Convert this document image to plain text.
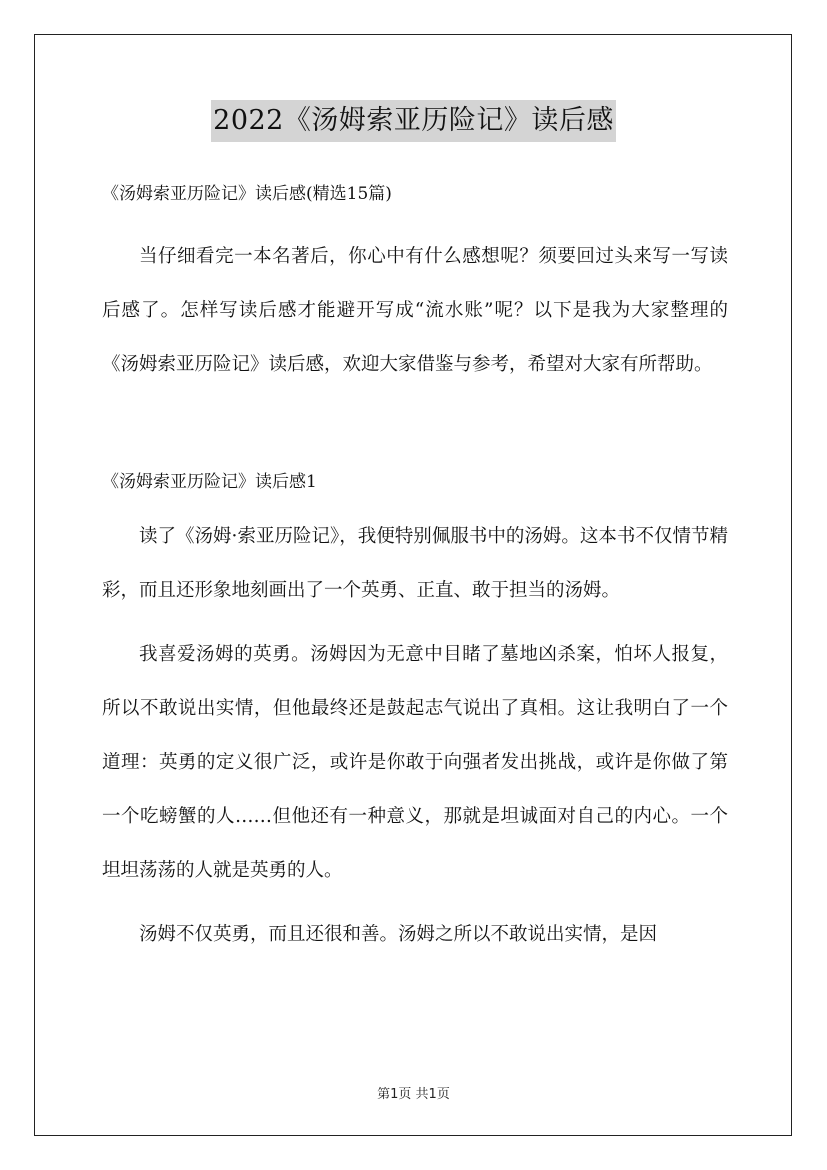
2022《汤姆索亚历险记》读后感

《汤姆索亚历险记》读后感(精选15篇)

当仔细看完一本名著后，你心中有什么感想呢？须要回过头来写一写读后感了。怎样写读后感才能避开写成“流水账”呢？以下是我为大家整理的《汤姆索亚历险记》读后感，欢迎大家借鉴与参考，希望对大家有所帮助。

《汤姆索亚历险记》读后感1

读了《汤姆·索亚历险记》，我便特别佩服书中的汤姆。这本书不仅情节精彩，而且还形象地刻画出了一个英勇、正直、敢于担当的汤姆。

我喜爱汤姆的英勇。汤姆因为无意中目睹了墓地凶杀案，怕坏人报复，所以不敢说出实情，但他最终还是鼓起志气说出了真相。这让我明白了一个道理：英勇的定义很广泛，或许是你敢于向强者发出挑战，或许是你做了第一个吃螃蟹的人……但他还有一种意义，那就是坦诚面对自己的内心。一个坦坦荡荡的人就是英勇的人。

汤姆不仅英勇，而且还很和善。汤姆之所以不敢说出实情，是因

第1页 共1页
